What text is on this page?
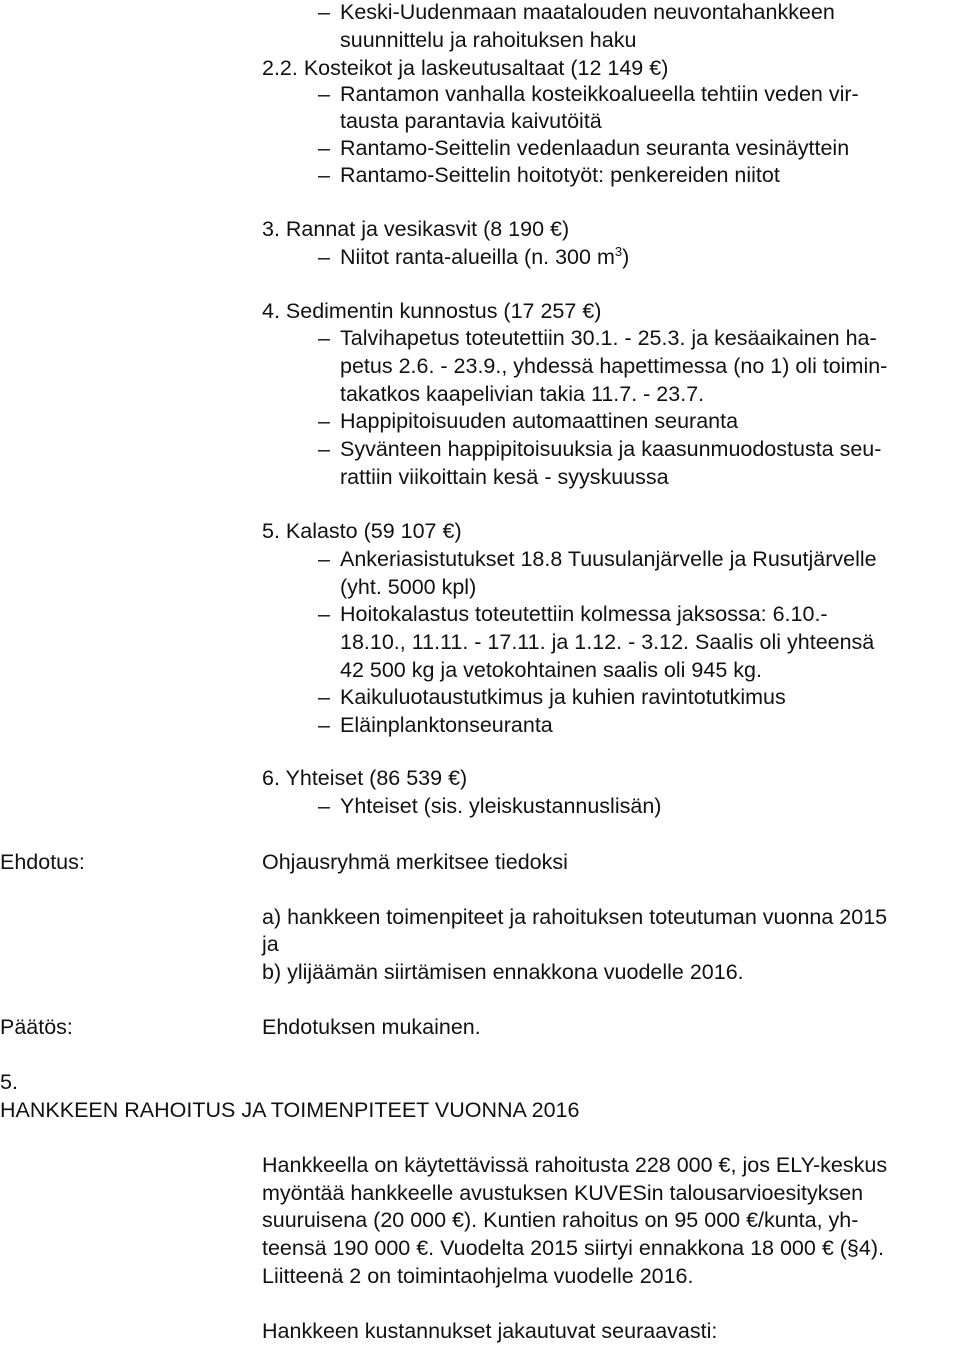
– Keski-Uudenmaan maatalouden neuvontahankkeen
suunnittelu ja rahoituksen haku
2.2. Kosteikot ja laskeutusaltaat (12 149 €)
– Rantamon vanhalla kosteikkoalueella tehtiin veden vir-
tausta parantavia kaivutöitä
– Rantamo-Seittelin vedenlaadun seuranta vesinäyttein
– Rantamo-Seittelin hoitotyöt: penkereiden niitot
3. Rannat ja vesikasvit (8 190 €)
– Niitot ranta-alueilla (n. 300 $m^3$)
4. Sedimentin kunnostus (17 257 €)
– Talvihapetus toteutettiin 30.1. - 25.3. ja kesäaikainen ha-
petus 2.6. - 23.9., yhdessä hapettimessa (no 1) oli toimin-
takatkos kaapelivian takia 11.7. - 23.7.
– Happipitoisuuden automaattinen seuranta
– Syvänteen happipitoisuuksia ja kaasunmuodostusta seu-
rattiin viikoittain kesä - syyskuussa
5. Kalasto (59 107 €)
– Ankeriasistutukset 18.8 Tuusulanjärvelle ja Rusutjärvelle
(yht. 5000 kpl)
– Hoitokalastus toteutettiin kolmessa jaksossa: 6.10.-
18.10., 11.11. - 17.11. ja 1.12. - 3.12. Saalis oli yhteensä
42 500 kg ja vetokohtainen saalis oli 945 kg.
– Kaikuluotaustutkimus ja kuhien ravintotutkimus
– Eläinplanktonseuranta
6. Yhteiset (86 539 €)
– Yhteiset (sis. yleiskustannuslisän)
Ehdotus:	Ohjausryhmä merkitsee tiedoksi
a) hankkeen toimenpiteet ja rahoituksen toteutuman vuonna 2015
ja
b) ylijäämän siirtämisen ennakkona vuodelle 2016.
Päätös:	Ehdotuksen mukainen.
5.
HANKKEEN RAHOITUS JA TOIMENPITEET VUONNA 2016
Hankkeella on käytettävissä rahoitusta 228 000 €, jos ELY-keskus
myöntää hankkeelle avustuksen KUVESin talousarvioesityksen
suuruisena (20 000 €). Kuntien rahoitus on 95 000 €/kunta, yh-
teensä 190 000 €. Vuodelta 2015 siirtyi ennakkona 18 000 € (§4).
Liitteenä 2 on toimintaohjelma vuodelle 2016.
Hankkeen kustannukset jakautuvat seuraavasti:
